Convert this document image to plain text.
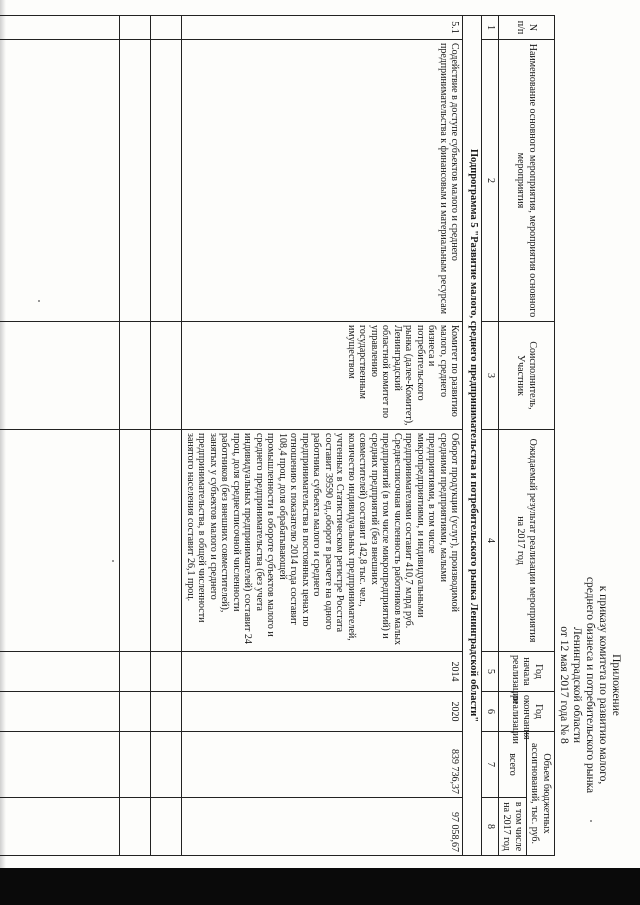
Приложение
к приказу комитета по развитию малого,
среднего бизнеса и потребительского рынка
Ленинградской области
от 12 мая 2017 года № 8
N п/п	Наименование основного мероприятия, мероприятия основного мероприятия	Соисполнитель, Участник	Ожидаемый результат реализации мероприятия на 2017 год	Год начала реализации	Год окончания реализации	Объем бюджетных ассигнований, тыс. руб.	
						всего	в том числе на 2017 год
1	2	3	4	5	6	7	8
Подпрограмма 5 "Развитие малого, среднего предпринимательства и потребительского рынка Ленинградской области"							
5.1	Содействие в доступе субъектов малого и среднего предпринимательства к финансовым и материальным ресурсам	Комитет по развитию малого, среднего бизнеса и потребительского рынка (далее-Комитет), Ленинградский областной комитет по управлению государственным имуществом	Оборот продукции (услуг), производимой средними предприятиями, малыми предприятиями, в том числе микропредприятиями, и индивидуальными предпринимателями составит 410,7 млрд руб. Среднесписочная численность работников малых предприятий (в том числе микропредприятий) и средних предприятий (без внешних совместителей) составит 142,8 тыс. чел., количество индивидуальных предпринимателей, учтенных в Статистическом регистре Росстата составит 39590 ед.,оборот в расчете на одного работника субъекта малого и среднего предпринимательства в постоянных ценах по отношению к показателю 2014 года составит 108,4 проц, доля обрабатывающей промышленности в обороте субъектов малого и среднего предпринимательства (без учета индивидуальных предпринимателей) составит 24 проц, доля среднесписочной численности работников (без внешних совместителей), занятых у субъектов малого и среднего предпринимательства, в общей численности занятого населения составит 26,1 проц.	2014	2020	839 736,37	97 058,67
